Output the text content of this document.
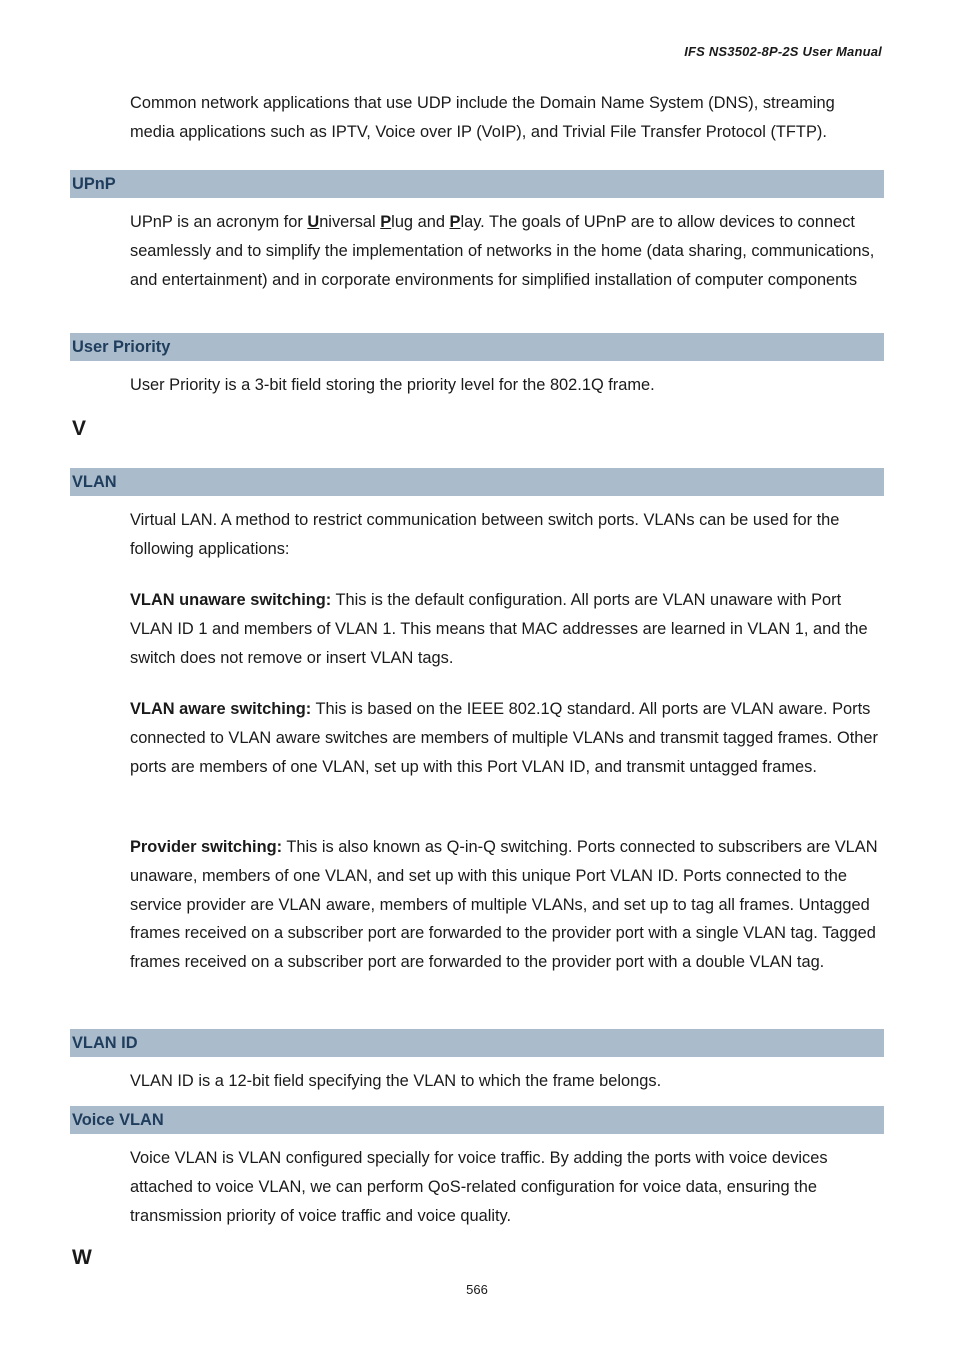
IFS NS3502-8P-2S User Manual

Common network applications that use UDP include the Domain Name System (DNS), streaming media applications such as IPTV, Voice over IP (VoIP), and Trivial File Transfer Protocol (TFTP).

UPnP

UPnP is an acronym for Universal Plug and Play. The goals of UPnP are to allow devices to connect seamlessly and to simplify the implementation of networks in the home (data sharing, communications, and entertainment) and in corporate environments for simplified installation of computer components

User Priority

User Priority is a 3-bit field storing the priority level for the 802.1Q frame.

V
VLAN

Virtual LAN. A method to restrict communication between switch ports. VLANs can be used for the following applications:

VLAN unaware switching: This is the default configuration. All ports are VLAN unaware with Port VLAN ID 1 and members of VLAN 1. This means that MAC addresses are learned in VLAN 1, and the switch does not remove or insert VLAN tags.

VLAN aware switching: This is based on the IEEE 802.1Q standard. All ports are VLAN aware. Ports connected to VLAN aware switches are members of multiple VLANs and transmit tagged frames. Other ports are members of one VLAN, set up with this Port VLAN ID, and transmit untagged frames.

Provider switching: This is also known as Q-in-Q switching. Ports connected to subscribers are VLAN unaware, members of one VLAN, and set up with this unique Port VLAN ID. Ports connected to the service provider are VLAN aware, members of multiple VLANs, and set up to tag all frames. Untagged frames received on a subscriber port are forwarded to the provider port with a single VLAN tag. Tagged frames received on a subscriber port are forwarded to the provider port with a double VLAN tag.

VLAN ID

VLAN ID is a 12-bit field specifying the VLAN to which the frame belongs.

Voice VLAN

Voice VLAN is VLAN configured specially for voice traffic. By adding the ports with voice devices attached to voice VLAN, we can perform QoS-related configuration for voice data, ensuring the transmission priority of voice traffic and voice quality.

W
566
